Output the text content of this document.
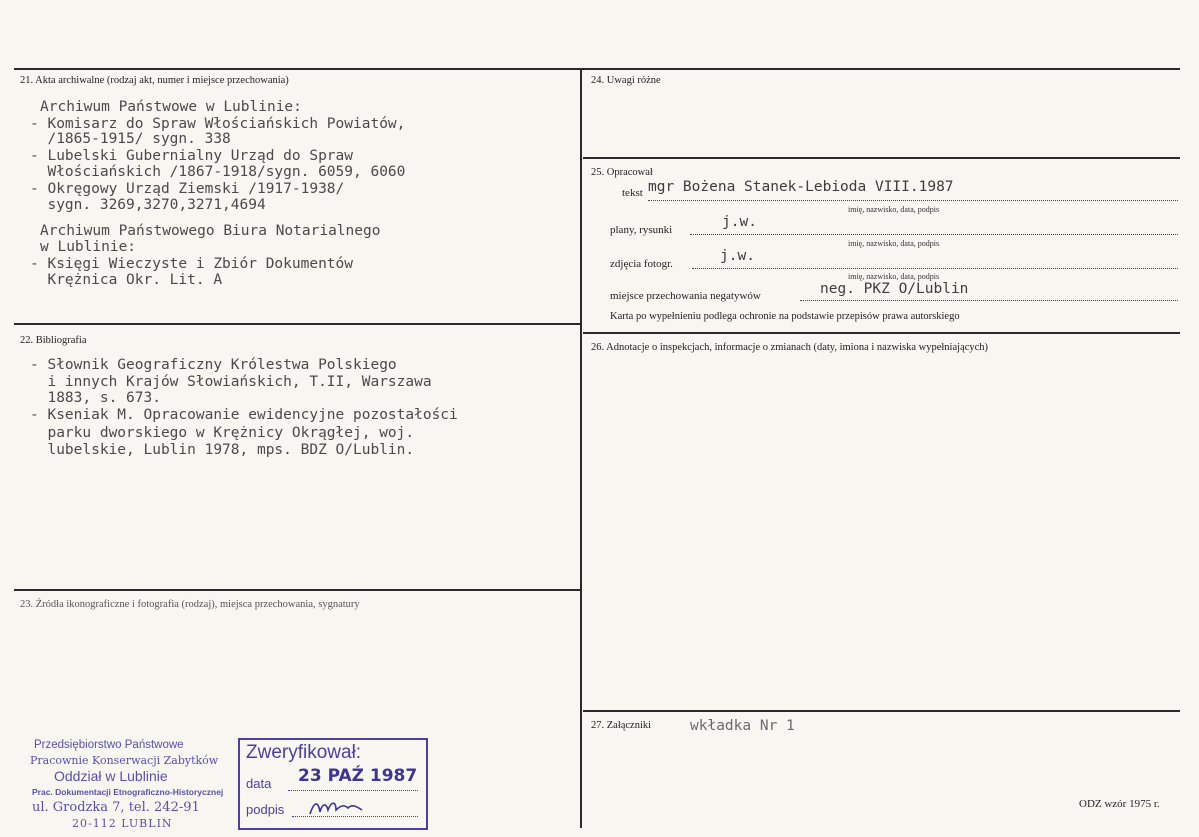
21. Akta archiwalne (rodzaj akt, numer i miejsce przechowania)
Archiwum Państwowe w Lublinie:
- Komisarz do Spraw Włościańskich Powiatów,
/1865-1915/ sygn. 338
- Lubelski Gubernialny Urząd do Spraw
Włościańskich /1867-1918/sygn. 6059, 6060
- Okręgowy Urząd Ziemski /1917-1938/
sygn. 3269,3270,3271,4694
Archiwum Państwowego Biura Notarialnego
w Lublinie:
- Księgi Wieczyste i Zbiór Dokumentów
Krężnica Okr. Lit. A
22. Bibliografia
- Słownik Geograficzny Królestwa Polskiego
i innych Krajów Słowiańskich, T.II, Warszawa
1883, s. 673.
- Kseniak M. Opracowanie ewidencyjne pozostałości
parku dworskiego w Krężnicy Okrągłej, woj.
lubelskie, Lublin 1978, mps. BDZ O/Lublin.
23. Źródła ikonograficzne i fotografia (rodzaj), miejsca przechowania, sygnatury
24. Uwagi różne
25. Opracował
tekst mgr Bożena Stanek-Lebioda VIII.1987
imię, nazwisko, data, podpis
plany, rysunki	j.w.
imię, nazwisko, data, podpis
zdjęcia fotogr.	j.w.
imię, nazwisko, data, podpis
miejsce przechowania negatywów	neg. PKZ O/Lublin
Karta po wypełnieniu podlega ochronie na podstawie przepisów prawa autorskiego
26. Adnotacje o inspekcjach, informacje o zmianach (daty, imiona i nazwiska wypełniających)
27. Załączniki	wkładka Nr 1
Przedsiębiorstwo Państwowe
Pracownie Konserwacji Zabytków
Oddział w Lublinie
Prac. Dokumentacji Etnograficzno-Historycznej
ul. Grodzka 7, tel. 242-91
20-112 LUBLIN
Zweryfikował:
data 23 PAŹ 1987
podpis	ODZ wzór 1975 r.
